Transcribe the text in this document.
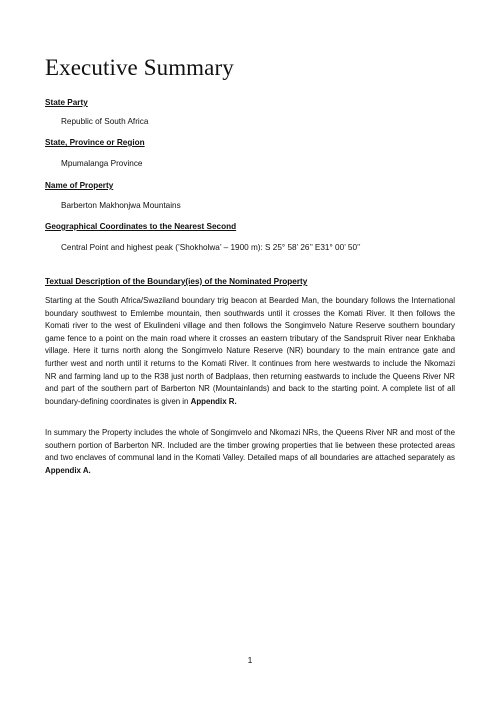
Executive Summary

State Party

Republic of South Africa

State, Province or Region

Mpumalanga Province

Name of Property

Barberton Makhonjwa Mountains

Geographical Coordinates to the Nearest Second

Central Point and highest peak (’Shokholwa’ – 1900 m): S 25° 58’ 26’’ E31° 00’ 50’’

Textual Description of the Boundary(ies) of the Nominated Property

Starting at the South Africa/Swaziland boundary trig beacon at Bearded Man, the boundary follows the International boundary southwest to Emlembe mountain, then southwards until it crosses the Komati River. It then follows the Komati river to the west of Ekulindeni village and then follows the Songimvelo Nature Reserve southern boundary game fence to a point on the main road where it crosses an eastern tributary of the Sandspruit River near Enkhaba village. Here it turns north along the Songimvelo Nature Reserve (NR) boundary to the main entrance gate and further west and north until it returns to the Komati River. It continues from here westwards to include the Nkomazi NR and farming land up to the R38 just north of Badplaas, then returning eastwards to include the Queens River NR and part of the southern part of Barberton NR (Mountainlands) and back to the starting point. A complete list of all boundary-defining coordinates is given in Appendix R.

In summary the Property includes the whole of Songimvelo and Nkomazi NRs, the Queens River NR and most of the southern portion of Barberton NR. Included are the timber growing properties that lie between these protected areas and two enclaves of communal land in the Komati Valley. Detailed maps of all boundaries are attached separately as Appendix A.

1
